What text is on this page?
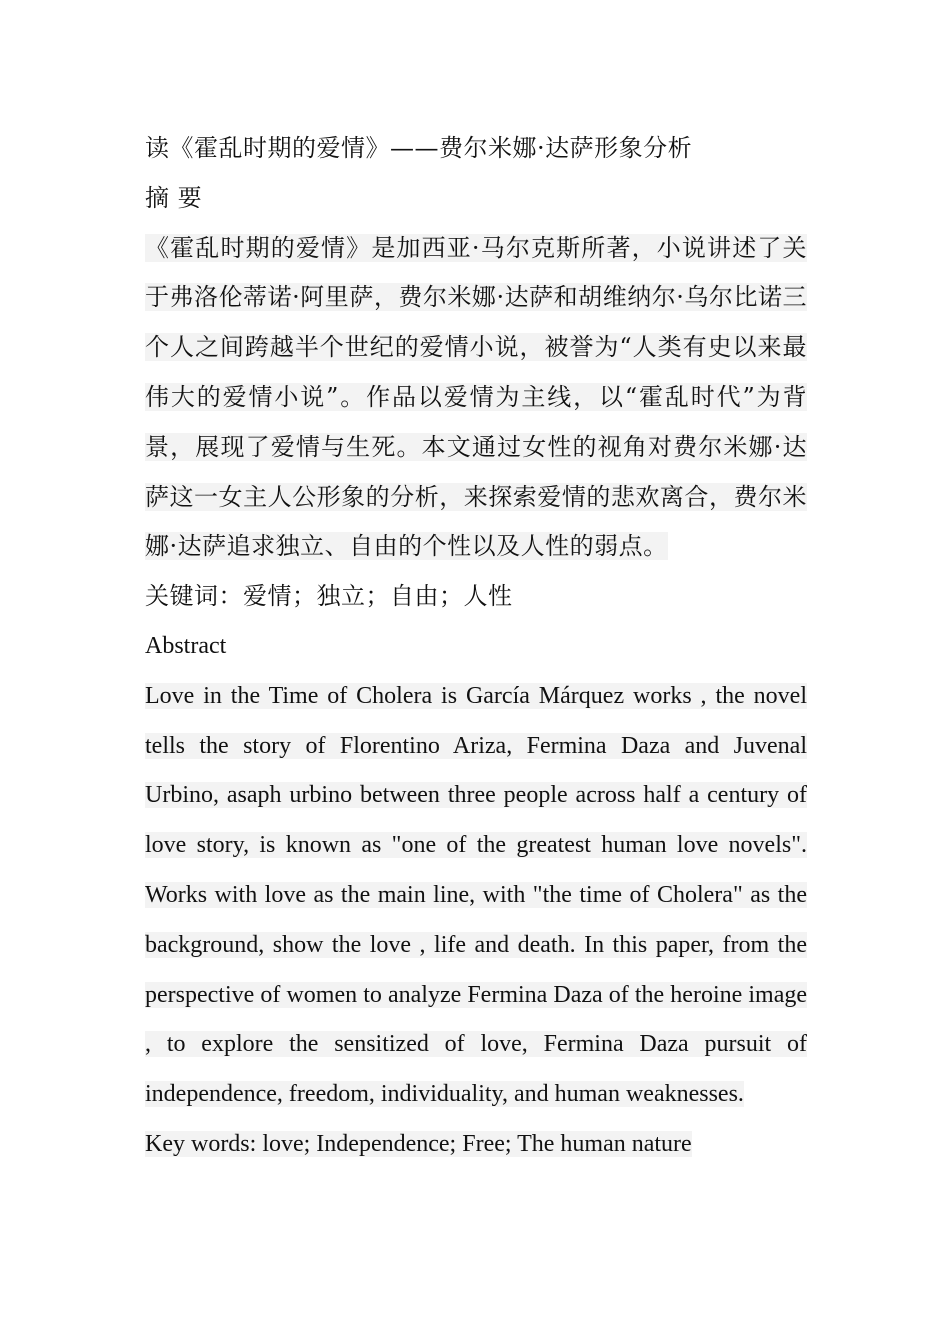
读《霍乱时期的爱情》——费尔米娜·达萨形象分析
摘 要
《霍乱时期的爱情》是加西亚·马尔克斯所著，小说讲述了关于弗洛伦蒂诺·阿里萨，费尔米娜·达萨和胡维纳尔·乌尔比诺三个人之间跨越半个世纪的爱情小说，被誉为“人类有史以来最伟大的爱情小说”。作品以爱情为主线，以“霍乱时代”为背景，展现了爱情与生死。本文通过女性的视角对费尔米娜·达萨这一女主人公形象的分析，来探索爱情的悲欢离合，费尔米娜·达萨追求独立、自由的个性以及人性的弱点。
关键词：爱情；独立；自由；人性
Abstract
Love in the Time of Cholera is García Márquez works , the novel tells the story of Florentino Ariza, Fermina Daza and Juvenal Urbino, asaph urbino between three people across half a century of love story, is known as "one of the greatest human love novels". Works with love as the main line, with "the time of Cholera" as the background, show the love , life and death. In this paper, from the perspective of women to analyze Fermina Daza of the heroine image , to explore the sensitized of love, Fermina Daza pursuit of independence, freedom, individuality, and human weaknesses.
Key words: love; Independence; Free; The human nature
